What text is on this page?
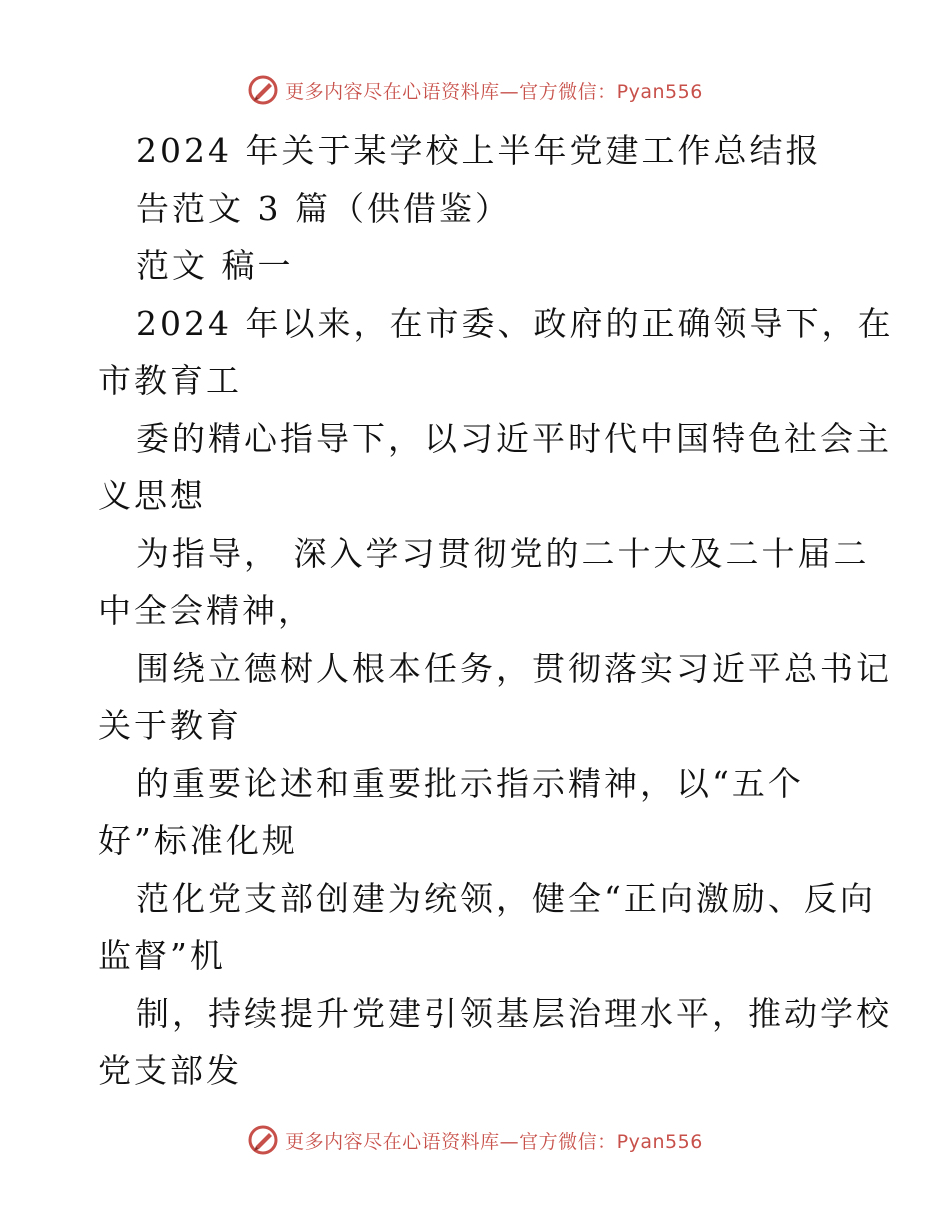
更多内容尽在心语资料库—官方微信：Pyan556
2024 年关于某学校上半年党建工作总结报
告范文 3 篇（供借鉴）
范文 稿一
2024 年以来，在市委、政府的正确领导下，在
市教育工
委的精心指导下，以习近平时代中国特色社会主
义思想
为指导， 深入学习贯彻党的二十大及二十届二
中全会精神，
围绕立德树人根本任务，贯彻落实习近平总书记
关于教育
的重要论述和重要批示指示精神，以“五个
好”标准化规
范化党支部创建为统领，健全“正向激励、反向
监督”机
制，持续提升党建引领基层治理水平，推动学校
党支部发
更多内容尽在心语资料库—官方微信：Pyan556
